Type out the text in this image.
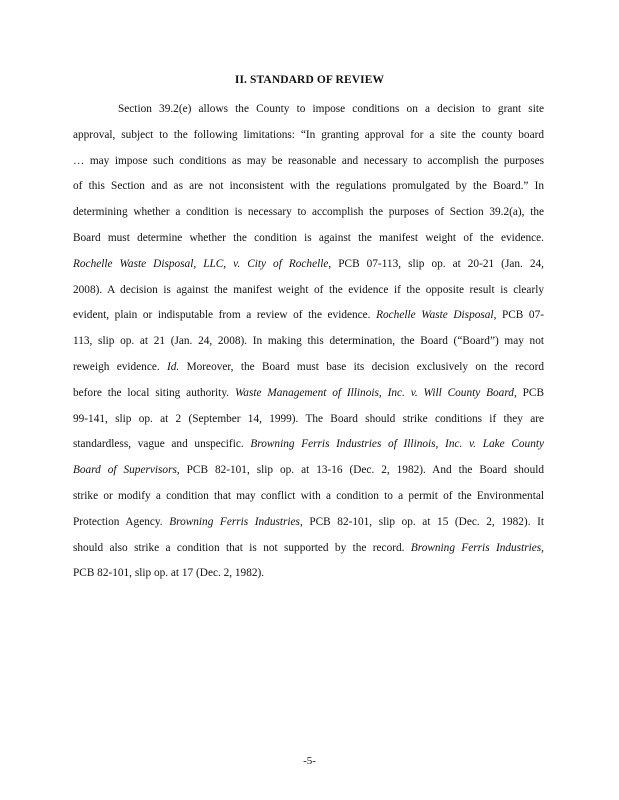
II. STANDARD OF REVIEW
Section 39.2(e) allows the County to impose conditions on a decision to grant site
approval, subject to the following limitations: “In granting approval for a site the county board
… may impose such conditions as may be reasonable and necessary to accomplish the purposes
of this Section and as are not inconsistent with the regulations promulgated by the Board.” In
determining whether a condition is necessary to accomplish the purposes of Section 39.2(a), the
Board must determine whether the condition is against the manifest weight of the evidence.
Rochelle Waste Disposal, LLC, v. City of Rochelle, PCB 07-113, slip op. at 20-21 (Jan. 24,
2008). A decision is against the manifest weight of the evidence if the opposite result is clearly
evident, plain or indisputable from a review of the evidence. Rochelle Waste Disposal, PCB 07-
113, slip op. at 21 (Jan. 24, 2008). In making this determination, the Board (“Board”) may not
reweigh evidence. Id. Moreover, the Board must base its decision exclusively on the record
before the local siting authority. Waste Management of Illinois, Inc. v. Will County Board, PCB
99-141, slip op. at 2 (September 14, 1999). The Board should strike conditions if they are
standardless, vague and unspecific. Browning Ferris Industries of Illinois, Inc. v. Lake County
Board of Supervisors, PCB 82-101, slip op. at 13-16 (Dec. 2, 1982). And the Board should
strike or modify a condition that may conflict with a condition to a permit of the Environmental
Protection Agency. Browning Ferris Industries, PCB 82-101, slip op. at 15 (Dec. 2, 1982). It
should also strike a condition that is not supported by the record. Browning Ferris Industries,
PCB 82-101, slip op. at 17 (Dec. 2, 1982).
-5-
